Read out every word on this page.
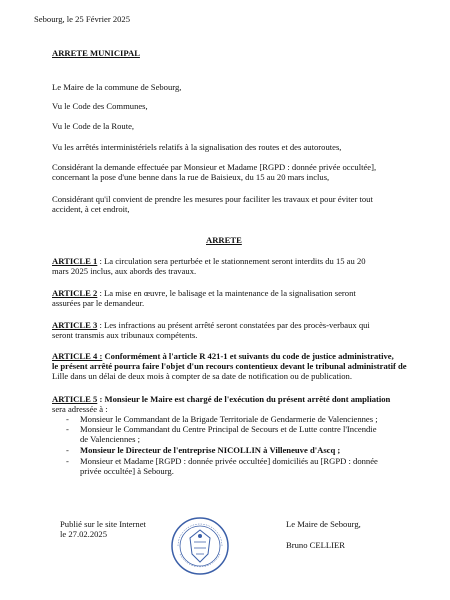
Sebourg, le 25 Février 2025
ARRETE MUNICIPAL
Le Maire de la commune de Sebourg,
Vu le Code des Communes,
Vu le Code de la Route,
Vu les arrêtés interministériels relatifs à la signalisation des routes et des autoroutes,
Considérant la demande effectuée par Monsieur et Madame [RGPD : donnée privée occultée],
concernant la pose d'une benne dans la rue de Baisieux, du 15 au 20 mars inclus,
Considérant qu'il convient de prendre les mesures pour faciliter les travaux et pour éviter tout
accident, à cet endroit,
ARRETE
ARTICLE 1 : La circulation sera perturbée et le stationnement seront interdits du 15 au 20
mars 2025 inclus, aux abords des travaux.
ARTICLE 2 : La mise en œuvre, le balisage et la maintenance de la signalisation seront
assurées par le demandeur.
ARTICLE 3 : Les infractions au présent arrêté seront constatées par des procès-verbaux qui
seront transmis aux tribunaux compétents.
ARTICLE 4 : Conformément à l'article R 421-1 et suivants du code de justice administrative,
le présent arrêté pourra faire l'objet d'un recours contentieux devant le tribunal administratif de
Lille dans un délai de deux mois à compter de sa date de notification ou de publication.
ARTICLE 5 : Monsieur le Maire est chargé de l'exécution du présent arrêté dont ampliation
sera adressée à :
- Monsieur le Commandant de la Brigade Territoriale de Gendarmerie de Valenciennes ;
- Monsieur le Commandant du Centre Principal de Secours et de Lutte contre l'Incendie
de Valenciennes ;
- Monsieur le Directeur de l'entreprise NICOLLIN à Villeneuve d'Ascq ;
- Monsieur et Madame [RGPD : donnée privée occultée] domiciliés au [RGPD : donnée
privée occultée] à Sebourg.
Publié sur le site Internet
le 27.02.2025
Le Maire de Sebourg,
Bruno CELLIER
